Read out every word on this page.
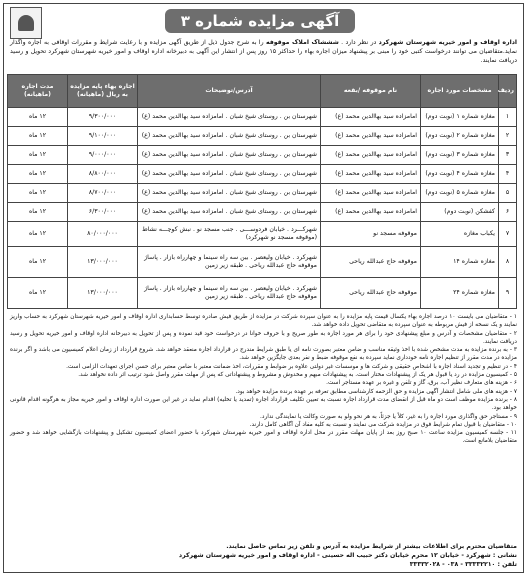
آگهی مزایده شماره ۳
اداره اوقاف و امور خیریه شهرستان شهرکرد در نظر دارد . شششاک املاک موقوفه را به شرح جدول ذیل از طریق آگهی مزایده و با رعایت شرایط و مقررات اوقافی به اجاره واگذار نماید.متقاضیان می توانند درخواست کتبی خود را مبنی بر پیشنهاد میزان اجاره بهاء را حداکثر ۱۵ روز پس از انتشار این آگهی به دبیرخانه اداره اوقاف و امور خیریه شهرستان شهرکرد تحویل و رسید دریافت نمایند.
ردیف	مشخصات مورد اجاره	نام موقوفه /بقعه	آدرس/توضیحات	اجاره بهاء پایه مزایده به ریال (ماهیانه)	مدت اجاره (ماهیانه)
۱	مغازه شماره ۱ (نوبت دوم)	امامزاده سید بهاالدین محمد (ع)	شهرستان بن . روستای شیخ شبان . امامزاده سید بهاالدین محمد (ع)	۹/۳۰۰/۰۰۰	۱۲ ماه
۲	مغازه شماره ۲ (نوبت دوم)	امامزاده سید بهاالدین محمد (ع)	شهرستان بن . روستای شیخ شبان . امامزاده سید بهاالدین محمد (ع)	۹/۱۰۰/۰۰۰	۱۲ ماه
۳	مغازه شماره ۳ (نوبت دوم)	امامزاده سید بهاالدین محمد (ع)	شهرستان بن . روستای شیخ شبان . امامزاده سید بهاالدین محمد (ع)	۹/۰۰۰/۰۰۰	۱۲ ماه
۴	مغازه شماره ۴ (نوبت دوم)	امامزاده سید بهاالدین محمد (ع)	شهرستان بن . روستای شیخ شبان . امامزاده سید بهاالدین محمد (ع)	۸/۸۰۰/۰۰۰	۱۲ ماه
۵	مغازه شماره ۵ (نوبت دوم)	امامزاده سید بهاالدین محمد (ع)	شهرستان بن . روستای شیخ شبان . امامزاده سید بهاالدین محمد (ع)	۸/۷۰۰/۰۰۰	۱۲ ماه
۶	کفشکن (نوبت دوم)	امامزاده سید بهاالدین محمد (ع)	شهرستان بن . روستای شیخ شبان . امامزاده سید بهاالدین محمد (ع)	۶/۳۰۰/۰۰۰	۱۲ ماه
۷	یکباب مغازه	موقوفه مسجد نو	شهرکـــرد . خیابان فردوســـی . جنب مسجد نو . نبش کوچـــه نشاط (موقوفه مسجد نو شهرکرد)	۸۰/۰۰۰/۰۰۰	۱۲ ماه
۸	مغازه شماره ۱۴	موقوفه حاج عبدالله ریاحی	شهرکرد . خیابان ولیعصر . بین سه راه سینما و چهارراه بازار . پاساژ موقوفه حاج عبدالله ریاحی . طبقه زیر زمین	۱۳/۰۰۰/۰۰۰	۱۲ ماه
۹	مغازه شماره ۲۴	موقوفه حاج عبدالله ریاحی	شهرکرد . خیابان ولیعصر . بین سه راه سینما و چهارراه بازار . پاساژ موقوفه حاج عبدالله ریاحی . طبقه زیر زمین	۱۳/۰۰۰/۰۰۰	۱۲ ماه

۱ - متقاضیان می بایست ۱۰ درصد اجاره بهاء یکسال قیمت پایه مزایده را به عنوان سپرده شرکت در مزایده از طریق فیش صادره توسط حسابداری اداره اوقاف و امور خیریه شهرستان شهرکرد به حساب واریز نمایند و یک نسخه از فیش مربوطه به عنوان سپرده به متقاضی تحویل داده خواهد شد.

۲ - متقاضیان مشخصات و آدرس و مبلغ پیشنهادی خود را برای هر مورد اجاره به طور صریح و با حروف خوانا در درخواست خود قید نموده و پس از تحویل به دبیرخانه اداره اوقاف و امور خیریه تحویل و رسید دریافت نمایند.

۳ - به برنده مزایده به مدت مشخص شده با اخذ وثیقه مناسب و ضامن معتبر بصورت نامه ای یا طبق شرایط مندرج در قرارداد اجاره منعقد خواهد شد. شروع قرارداد از زمان اعلام کمیسیون می باشد و اگر برنده مزایده در مدت مقرر از تنظیم اجاره نامه خودداری نماید سپرده به نفع موقوفه ضبط و نفر بعدی جایگزین خواهد شد.

۴ - در تنظیم و تجدید اسناد اجاره با اشخاص حقیقی و شرکت ها و موسسات غیر دولتی علاوه بر ضوابط و مقررات، اخذ ضمانت معتبر با ضامن معتبر برای حسن اجرای تعهدات الزامی است.

۵ - کمیسیون مزایده در رد یا قبول هر یک از پیشنهادات مختار است. به پیشنهادات مبهم و مخدوش و مشروط و پیشنهاداتی که پس از مهلت مقرر واصل شود ترتیب اثر داده نخواهد شد.

۶ - هزینه های متعارف نظیر آب، برق، گاز و تلفن و غیره بر عهده مستاجر است.

۷ - هزینه های ملی شامل انتشار آگهی مزایده و حق الزحمه کارشناسی مطابق تعرفه بر عهده برنده مزایده خواهد بود.

۸ - برنده مزایده موظف است دو ماه قبل از انقضای مدت قرارداد اجاره نسبت به تعیین تکلیف قرارداد اجاره (تمدید یا تخلیه) اقدام نماید در غیر این صورت اداره اوقاف و امور خیریه مجاز به هرگونه اقدام قانونی خواهد بود.

۹ - مستاجر حق واگذاری مورد اجاره را به غیر، کلاً یا جزئاً، به هر نحو ولو به صورت وکالت یا نمایندگی ندارد.

۱۰ - متقاضیان با قبول تمام شرایط فوق در مزایده شرکت می نمایند و نسبت به کلیه مفاد آن آگاهی کامل دارند.

۱۱ - جلسه کمیسیون مزایده ساعت ۱۰ صبح روز بعد از پایان مهلت مقرر در محل اداره اوقاف و امور خیریه شهرستان شهرکرد با حضور اعضای کمیسیون تشکیل و پیشنهادات بازگشایی خواهد شد و حضور متقاضیان بلامانع است.

متقاضیان محترم برای اطلاعات بیشتر از شرایط مزایده به آدرس و تلفن زیر تماس حاصل نمایند.
نشانی : شهرکرد - خیابان ۱۲ محرم خیابان دکتر حبیب اله حسینی - اداره اوقاف و امور خیریه شهرستان شهرکرد
تلفن : ۳۳۳۳۲۲۱۰ - ۰۳۸ - ۳۳۳۳۲۰۲۸
